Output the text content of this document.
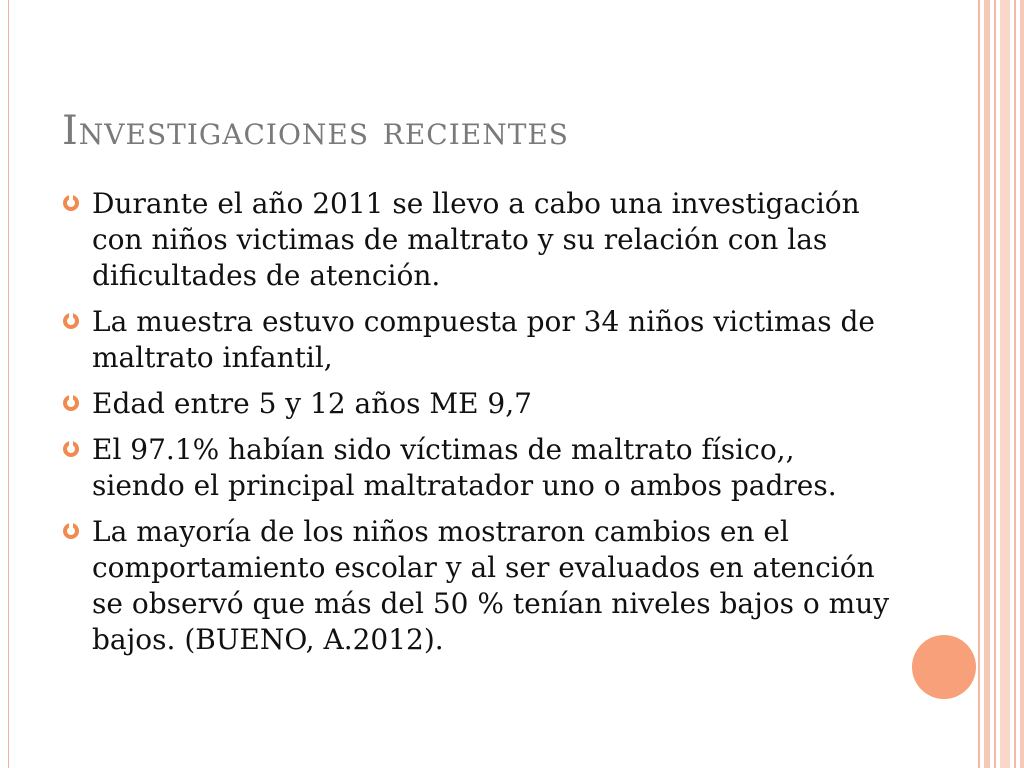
Investigaciones recientes
Durante el año 2011 se llevo a cabo una investigación con niños victimas de maltrato y su relación con las dificultades de atención.
La muestra estuvo compuesta por 34 niños victimas de maltrato infantil,
Edad entre 5 y 12 años ME 9,7
El 97.1% habían sido víctimas de maltrato físico,, siendo el principal maltratador uno o ambos padres.
La mayoría de los niños mostraron cambios en el comportamiento escolar y al ser evaluados en atención se observó que más del 50 % tenían niveles bajos o muy bajos. (BUENO, A.2012).
